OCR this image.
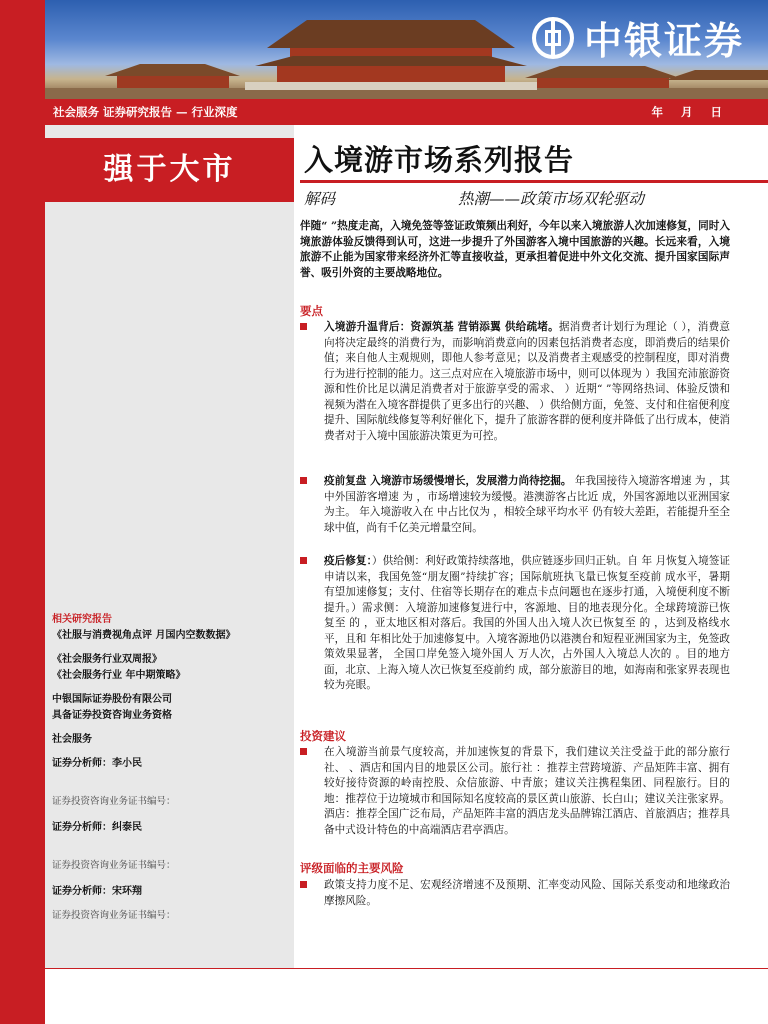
中银证券
社会服务 证券研究报告 — 行业深度	年 月 日
强于大市
相关研究报告
《社服与消费视角点评 月国内空数数据》
《社会服务行业双周报》
《社会服务行业 年中期策略》
中银国际证券股份有限公司
具备证券投资咨询业务资格
社会服务
证券分析师：李小民
证券投资咨询业务证书编号：
证券分析师：纠泰民
证券投资咨询业务证书编号：
证券分析师：宋环翔
证券投资咨询业务证书编号：
入境游市场系列报告
解码	热潮——政策市场双轮驱动
伴随“ ”热度走高，入境免签等签证政策频出利好，今年以来入境旅游人次加速修复，同时入境旅游体验反馈得到认可，这进一步提升了外国游客入境中国旅游的兴趣。长远来看，入境旅游不止能为国家带来经济外汇等直接收益，更承担着促进中外文化交流、提升国家国际声誉、吸引外资的主要战略地位。
要点
入境游升温背后：资源筑基 营销添翼 供给疏堵。据消费者计划行为理论（ ），消费意向将决定最终的消费行为，而影响消费意向的因素包括消费者态度，即消费后的结果价值；来自他人主观规则，即他人参考意见；以及消费者主观感受的控制程度，即对消费行为进行控制的能力。这三点对应在入境旅游市场中，则可以体现为 ）我国充沛旅游资源和性价比足以满足消费者对于旅游享受的需求、 ）近期“ ”等网络热词、体验反馈和视频为潜在入境客群提供了更多出行的兴趣、 ）供给侧方面，免签、支付和住宿便利度提升、国际航线修复等利好催化下，提升了旅游客群的便利度并降低了出行成本，使消费者对于入境中国旅游决策更为可控。
疫前复盘 入境游市场缓慢增长，发展潜力尚待挖掘。 年我国接待入境游客增速 为 ，其中外国游客增速 为 ，市场增速较为缓慢。港澳游客占比近 成，外国客源地以亚洲国家为主。 年入境游收入在 中占比仅为 ，相较全球平均水平 仍有较大差距，若能提升至全球中值，尚有千亿美元增量空间。
疫后修复：）供给侧：利好政策持续落地，供应链逐步回归正轨。自 年 月恢复入境签证申请以来，我国免签“朋友圈”持续扩容；国际航班执飞量已恢复至疫前 成水平，暑期有望加速修复；支付、住宿等长期存在的难点卡点问题也在逐步打通，入境便利度不断提升。）需求侧：入境游加速修复进行中，客源地、目的地表现分化。全球跨境游已恢复至 的 ，亚太地区相对落后。我国的外国人出入境人次已恢复至 的 ，达到及格线水平，且和 年相比处于加速修复中。入境客源地仍以港澳台和短程亚洲国家为主，免签政策效果显著， 全国口岸免签入境外国人 万人次，占外国人入境总人次的 。目的地方面，北京、上海入境人次已恢复至疫前约 成，部分旅游目的地，如海南和张家界表现也较为亮眼。
投资建议
在入境游当前景气度较高，并加速恢复的背景下，我们建议关注受益于此的部分旅行社、 、酒店和国内目的地景区公司。旅行社 ：推荐主营跨境游、产品矩阵丰富、拥有较好接待资源的岭南控股、众信旅游、中青旅；建议关注携程集团、同程旅行。目的地：推荐位于边境城市和国际知名度较高的景区黄山旅游、长白山；建议关注张家界。酒店：推荐全国广泛布局，产品矩阵丰富的酒店龙头品牌锦江酒店、首旅酒店；推荐具备中式设计特色的中高端酒店君亭酒店。
评级面临的主要风险
政策支持力度不足、宏观经济增速不及预期、汇率变动风险、国际关系变动和地缘政治摩擦风险。
